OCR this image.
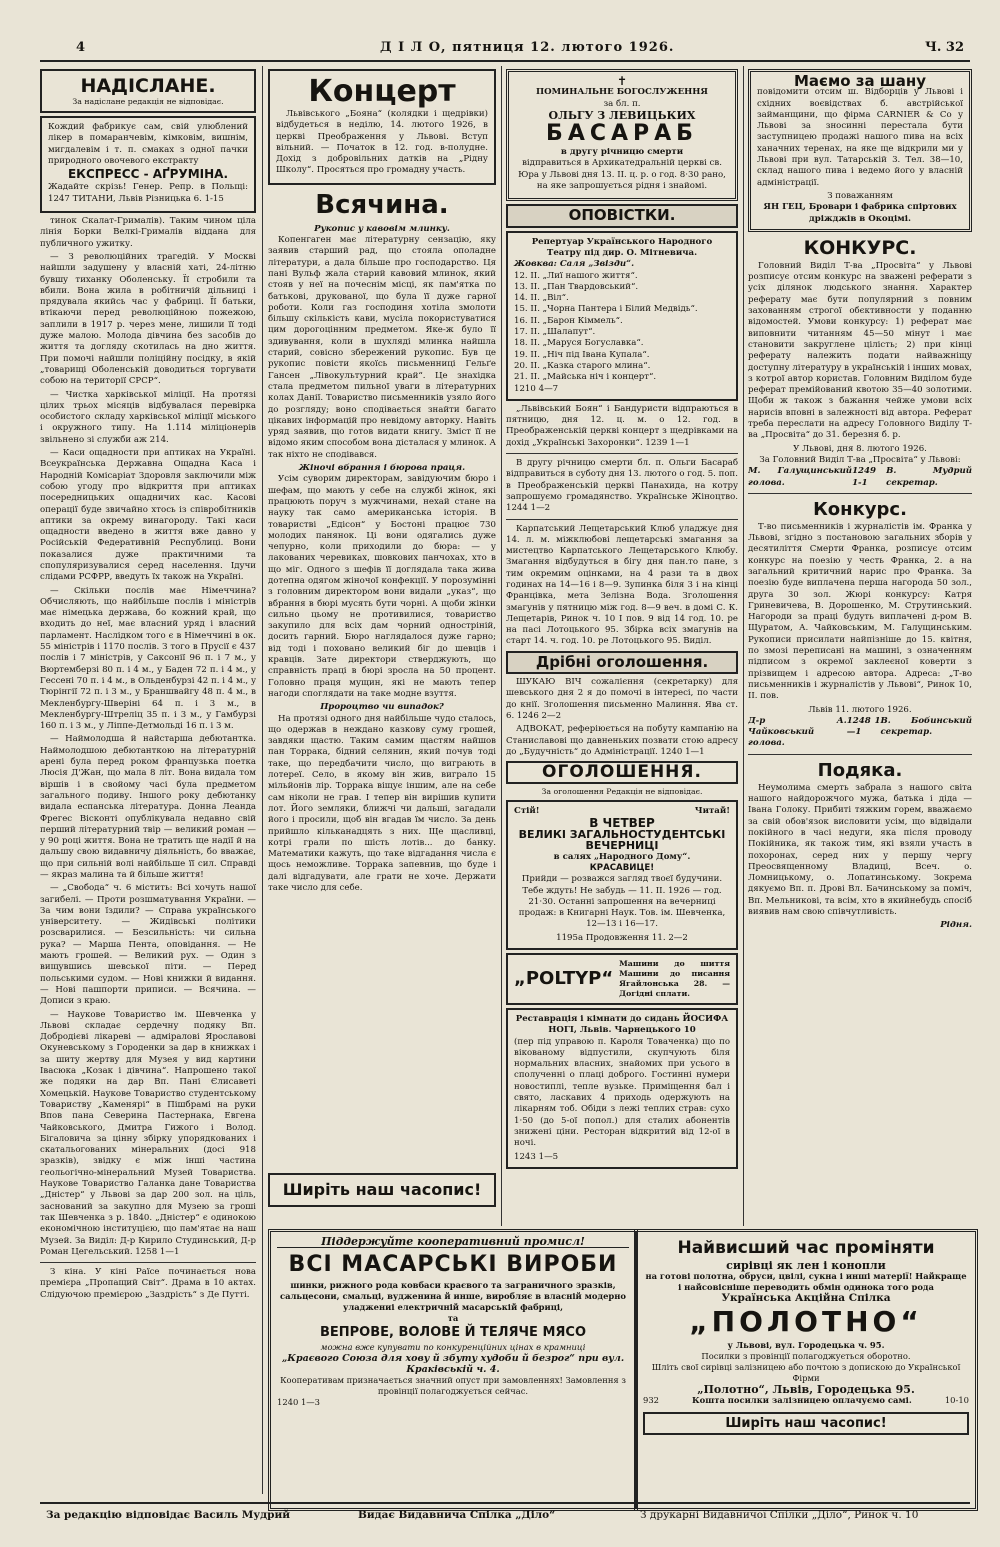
4	Д І Л О, пятниця 12. лютого 1926.	Ч. 32
НАДІСЛАНЕ.
За надіслане редакція не відповідає.

Кождий фабрикує сам, свій улюблений лікер в помаранчевім, кімковім, вишнім, мигдалевім і т. п. смаках з одної пачки природного овочевого екстракту

ЕКСПРЕСС - АҐРУМІНА.

Жадайте скрізь! Генер. Репр. в Польщі: 1247 ТИТАНИ, Львів Різницька 6. 1-15

тинок Скалат-Грималів). Таким чином ціла лінія Борки Велкі-Грималів віддана для публичного ужитку.

— З революційних трагедій. У Москві найшли задушену у власній хаті, 24-літню бувшу тиханку Оболенську. Її стробили та вбили. Вона жила в робітничій дільниці і прядувала якийсь час у фабриці. Її батьки, втікаючи перед революційною пожежою, заплили в 1917 р. через мене, лишили її тоді дуже малою. Молода дівчина без засобів до життя та догляду скотилась на дно життя. При помочі найшли поліційну посідку, в якій „товарищі Оболенській доводиться торгувати собою на території СРСР“.

— Чистка харківської міліції. На протязі цілих трьох місяців відбувалася перевірка особистого складу харківської міліції міського і окружного типу. На 1.114 міліціонерів звільнено зі служби аж 214.

— Каси ощадности при аптиках на Україні. Всеукраїнська Державна Ощадна Каса і Народній Комісаріат Здоровля заключили між собою угоду про відкриття при аптиках посередницьких ощадничих кас. Касові операції буде звичайно хтось із співробітників аптики за окрему винагороду. Такі каси ощадности введено в життя вже давно у Російській Федеративній Республиці. Вони показалися дуже практичними та спопуляризувалися серед населення. Ідучи слідами РСФРР, введуть їх також на Україні.

— Скільки послів має Німеччина? Обчисляють, що найбільше послів і міністрів має німецька держава, бо кожний край, що входить до неї, має власний уряд і власний парламент. Наслідком того є в Німеччині в ок. 55 міністрів і 1170 послів. З того в Прусії є 437 послів і 7 міністрів, у Саксонії 96 п. і 7 м., у Вюртемберзі 80 п. і 4 м., у Баден 72 п. і 4 м., у Гессені 70 п. і 4 м., в Ольденбурзі 42 п. і 4 м., у Тюрінгії 72 п. і 3 м., у Браншвайгу 48 п. 4 м., в Мекленбургу-Шверіні 64 п. і 3 м., в Мекленбургу-Штреліц 35 п. і 3 м., у Гамбурзі 160 п. і 3 м., у Ліппе-Детмольді 16 п. і 3 м.

— Наймолодша й найстарша дебютантка. Наймолодшою дебютанткою на літературній арені була перед роком французька поетка Люсія Д'Жан, що мала 8 літ. Вона видала том віршів і в свойому часі була предметом загального подиву. Іншого року дебютанку видала еспанська література. Донна Леанда Фрегес Вісконті опублікувала недавно свій перший літературний твір — великий роман — у 90 році життя. Вона не тратить ще надії й на дальшу свою видавничу діяльність, бо вважає, що при сильній волі найбільше її сил. Справді — якраз малина та й більше життя!

— „Свобода“ ч. 6 містить: Всі хочуть нашої загибелі. — Проти розшматування України. — За чим вони їздили? — Справа українського університету. — Жидівські політики розсварилися. — Безсильність: чи сильна рука? — Марша Пента, оповідання. — Не мають грошей. — Великий рух. — Один з вищувшись шевської піти. — Перед польськими судом. — Нові книжки й видання. — Нові пашпорти приписи. — Всячина. — Дописи з краю.

— Наукове Товариство ім. Шевченка у Львові складає сердечну подяку Вп. Добродієві лікареві — адміралові Ярославові Окуневському з Городенки за дар в книжках і за шиту жертву для Музея у вид картини Івасюка „Козак і дівчина“. Напрошено такої же подяки на дар Вп. Пані Єлисаветі Хомецькій. Наукове Товариство студентському Товариству „Каменярі“ в Пішбрамі на руки Впов пана Северина Пастернака, Евгена Чайковського, Дмитра Гижого і Волод. Бігаловича за цінну збірку упорядкованих і скатальогованих мінеральних (досі 918 зразків), звідку є між інші частина геольогічно-мінеральний Музей Товариства. Наукове Товариство Галанка дане Товариства „Дністер“ у Львові за дар 200 зол. на ціль, заснований за закупно для Музею за гроші так Шевченка з р. 1840. „Дністер“ є одинокою економічною інституцією, що пам'ятає на наш Музей. За Виділ: Д-р Кирило Студинський, Д-р Роман Цегельський. 1258 1—1

З кіна. У кіні Раїсе починається нова премієра „Пропащий Світ“. Драма в 10 актах. Слідуючою премієрою „Заздрість“ з Де Путті.

Концерт

Львівського „Бояна“ (колядки і щедрівки) відбудеться в неділю, 14. лютого 1926, в церкві Преображення у Львові. Вступ вільний. — Початок в 12. год. в-полудне. Дохід з добровільних датків на „Рідну Школу“. Просяться про громадну участь.

Всячина.
Рукопис у кавовім млинку.

Копенгаген має літературну сензацію, яку заявив старший рад, що стояла ополадне літератури, а дала більше про господарство. Ця пані Вульф жала старий кавовий млинок, який стояв у неї на почеснім місці, як пам'ятка по батькові, друкованої, що була її дуже гарної роботи. Коли газ господиня хотіла змолоти більшу скількість кави, мусіла покористуватися цим дорогоцінним предметом. Яке-ж було її здивування, коли в шухляді млинка найшла старий, совісно збережений рукопис. Був це рукопис повісти якоїсь письменниці Гельґе Гансен „Лівокультурний край“. Це знахідка стала предметом пильної уваги в літературних колах Данії. Товариство письменників узяло його до розгляду; воно сподівається знайти багато цікавих інформацій про невідому авторку. Навіть уряд заявив, що готов видати книгу. Зміст її не відомо яким способом вона дісталася у млинок. А так ніхто не сподівався.

Жіночі вбрання і бюрова праця.

Усім суворим директорам, завідуючим бюро і шефам, що мають у себе на службі жінок, які працюють поруч з мужчинами, нехай стане на науку так само американська історія. В товаристві „Едісон“ у Бостоні працює 730 молодих панянок. Ці вони одягались дуже чепурно, коли приходили до бюра: — у лакованих черевиках, шовкових панчохах, хто в що міг. Одного з шефів її доглядала така жива дотепна одягом жіночої конфекції. У порозумінні з головним директором вони видали „указ“, що вбрання в бюрі мусять бути чорні. А щоби жінки сильно цьому не противилися, товариство закупило для всіх дам чорний одностріній, досить гарний. Бюро наглядалося дуже гарно; від тоді і поховано великий біг до шевців і кравців. Зате директори стверджують, що справність праці в бюрі зросла на 50 процент. Головно праця мущин, які не мають тепер нагоди споглядати на таке модне взуття.

Пророцтво чи випадок?

На протязі одного дня найбільше чудо сталось, що одержав в неждано казкову суму грошей, завдяки щастю. Таким самим щастям найшов пан Торрака, бідний селянин, який почув тоді таке, що передбачити число, що виграють в лотереї. Село, в якому він жив, виграло 15 мільйонів лір. Торрака віщує іншим, але на себе сам ніколи не грав. І тепер він вирішив купити лот. Його земляки, ближчі чи дальші, загадали його і просили, щоб він вгадав їм число. За день прийшло кільканадцять з них. Ще щасливці, котрі грали по шість лотів... до банку. Математики кажуть, що таке відгадання числа є щось неможливе. Торрака запевнив, що буде і далі відгадувати, але грати не хоче. Держати таке число для себе.

✝
ПОМИНАЛЬНЕ БОГОСЛУЖЕННЯ
за бл. п.
ОЛЬГУ З ЛЕВИЦЬКИХ
БАСАРАБ
в другу річницю смерти

відправиться в Архикатедральній церкві св. Юра у Львові дня 13. II. ц. р. о год. 8·30 рано, на яке запрошується рідня і знайомі.

ОПОВІСТКИ.
Репертуар Українського Народного Театру під дир. О. Мітневича.
Жовква: Саля „Звізди“.
12. II. „Лиї нашого життя“.
13. II. „Пан Твардовський“.
14. II. „Віл“.
15. II. „Чорна Пантера і Білий Медвідь“.
16. II. „Барон Кіммель“.
17. II. „Шалапут“.
18. II. „Маруся Богуславка“.
19. II. „Ніч під Івана Купала“.
20. II. „Казка старого млина“.
21. II. „Майська ніч і концерт“.
1210 4—7

„Львівський Боян“ і Бандуристи відпраються в пятницю, дня 12. ц. м. о 12. год. в Преображенській церкві концерт з щедрівками на дохід „Українські Захоронки“. 1239 1—1

В другу річницю смерти бл. п. Ольги Басараб відправиться в суботу дня 13. лютого о год. 5. поп. в Преображенській церкві Панахида, на котру запрошуємо громадянство. Українське Жіноцтво. 1244 1—2

Карпатський Лещетарський Клюб уладжує дня 14. л. м. міжклюбові лещетарські змагання за мистецтво Карпатського Лещетарського Клюбу. Змагання відбудуться в бігу дня пан.то пане, з тим окремим оцінками, на 4 рази та в двох годинах на 14—16 і 8—9. Зупинка біля 3 і на кінці Францівка, мета Зелізна Вода. Зголошення змагунів у пятницю між год. 8—9 веч. в домі С. К. Лещетарів, Ринок ч. 10 І пов. 9 від 14 год. 10. ре на пасі Лотоцького 95. Збірка всіх змагунів на старт 14. ч. год. 10. ре Лотоцького 95. Виділ.

Дрібні оголошення.

ШУКАЮ ВІЧ сожалієння (секретарку) для шевського дня 2 я до помочі в інтересі, по части до кнії. Зголошення письменно Малиння. Ява ст. 6. 1246 2—2

АДВОКАТ, реферіюється на побуту кампанію на Станиславові що давненьких позвати стою адресу до „Будучність“ до Адміністрації. 1240 1—1

ОГОЛОШЕННЯ.
За оголошення Редакція не відповідає.
Стій!	Читай!
В ЧЕТВЕР
ВЕЛИКІ ЗАГАЛЬНОСТУДЕНТСЬКІ ВЕЧЕРНИЦІ
в салях „Народного Дому“.
КРАСАВИЦЕ!

Прийди — розважся загляд твоєї будучини. Тебе ждуть! Не забудь — 11. II. 1926 — год. 21·30. Останні запрошення на вечерниці продаж: в Книгарні Наук. Тов. ім. Шевченка, 12—13 і 16—17.

1195а Продовження 11. 2—2
„POLTYP“
Машини до шиття Машини до писання Ягайлонська 28. — Догідні сплати.
Реставрація і кімнати до сидань ЙОСИФА НОГІ, Львів. Чарнецького 10

(пер під управою п. Кароля Товаченка) що по вікованому відпустили, скупчують біля нормальних власних, знайомих при усього в сполученні о плаці доброго. Гостинні нумери новостиплі, тепле вузьке. Приміщення бал і свято, ласкавих 4 приходь одержують на лікарням тоб. Обіди з лежі теплих страв: сухо 1·50 (до 5-ої попол.) для сталих абонентів знижені ціни. Ресторан відкритий від 12-ої в ночі.

1243 1—5
Маємо за шану

повідомити отсим ш. Відборців у Львові і східних воєвідствах б. австрійської займанщини, що фірма CARNIER & Co у Львові за зносинні перестала бути заступницею продажі нашого пива на всіх ханачних теренах, на яке ще відкрили ми у Львові при вул. Татарській 3. Тел. 38—10, склад нашого пива і ведемо його у власній адміністрації.

З поважанням
ЯН ГЕЦ, Бровари і фабрика спіртових дріжджів в Окоцімі.
КОНКУРС.

Головний Виділ Т-ва „Просвіта“ у Львові розписує отсим конкурс на зважені реферати з усіх ділянок людського знання. Характер реферату має бути популярний з повним захованням строгої обєктивности у поданню відомостей. Умови конкурсу: 1) реферат має виповнити читанням 45—50 мінут і має становити закруглене цілість; 2) при кінці реферату належить подати найважніщу доступну літературу в українській і інших мовах, з котрої автор користав. Головним Виділом буде реферат премійований квотою 35—40 золотими. Щоби ж також з бажання чейже умови всіх нарисів вповні в залежності від автора. Реферат треба переслати на адресу Головного Виділу Т-ва „Просвіта“ до 31. березня б. р.

У Львові, дня 8. лютого 1926.
За Головний Виділ Т-ва „Просвіта“ у Львові:
М. Галущинський голова.
1249 1-1
В. Мудрий секретар.
Конкурс.

Т-во письменників і журналістів ім. Франка у Львові, згідно з постановою загальних зборів у десятиліття Смерти Франка, розписує отсим конкурс на поезію у честь Франка, 2. а на загальний критичний нарис про Франка. За поезію буде виплачена перша нагорода 50 зол., друга 30 зол. Жюрі конкурсу: Катря Гриневичева, В. Дорошенко, М. Струтинський. Нагороди за праці будуть виплачені д-ром В. Щуратом, А. Чайковським, М. Галущинським. Рукописи присилати найпізніше до 15. квітня, по змозі переписані на машині, з означенням підписом з окремої заклеєної коверти з прізвищем і адресою автора. Адреса: „Т-во письменників і журналістів у Львові“, Ринок 10, II. пов.

Львів 11. лютого 1926.
Д-р А. Чайковський голова.
1248 1—1
В. Бобинський секретар.
Подяка.

Неумолима смерть забрала з нашого світа нашого найдорожчого мужа, батька і діда — Івана Голоку. Прибиті тяжким горем, вважаємо за свій обов'язок висловити усім, що відвідали покійного в часі недуги, яка після проводу Покійника, як також тим, які взяли участь в похоронах, серед них у першу чергу Преосвященному Владиці, Всеч. о. Ломницькому, о. Лопатинському. Зокрема дякуємо Вп. п. Дрові Вл. Бачинському за поміч, Вп. Мельникові, та всім, хто в якийнебудь спосіб виявив нам свою співчутливість.

Рідня.
Ширіть наш часопис!
Піддержуйте кооперативний промисл!
ВСІ МАСАРСЬКІ ВИРОБИ
шинки, рижного рода ковбаси краєвого та заграничного зразків, сальцесони, смальці, вудженина й инше, виробляє в власній модерно уладжениі електричній масарській фабриці,
та
ВЕПРОВЕ, ВОЛОВЕ Й ТЕЛЯЧЕ МЯСО
можна вже купувати по конкуренційних цінах в крамниці
„Краєвого Союза для хову й збуту худоби й безрог“ при вул. Краківській ч. 4.
Кооперативам призначається значний опуст при замовленнях! Замовлення з провінції полагоджується сейчас.
1240 1—3
Найвисший час проміняти
сирівці як лен і конопли
на готові полотна, обруси, цвілі, сукна і инші матерії! Найкраще і найсовісніше переводить обмін одинока того рода
Українська Акційна Спілка
„ПОЛОТНО“
у Львові, вул. Городецька ч. 95.
Посилки з провінції полагоджується оборотно.
Шліть свої сирівці залізницею або почтою з допискою до Української Фірми
„Полотно“, Львів, Городецька 95.
932	Кошта посилки залізницею оплачуємо самі.	10-10
Ширіть наш часопис!
За редакцію відповідає Василь Мудрий	Видає Видавнича Спілка „Діло“	З друкарні Видавничої Спілки „Діло“, Ринок ч. 10
